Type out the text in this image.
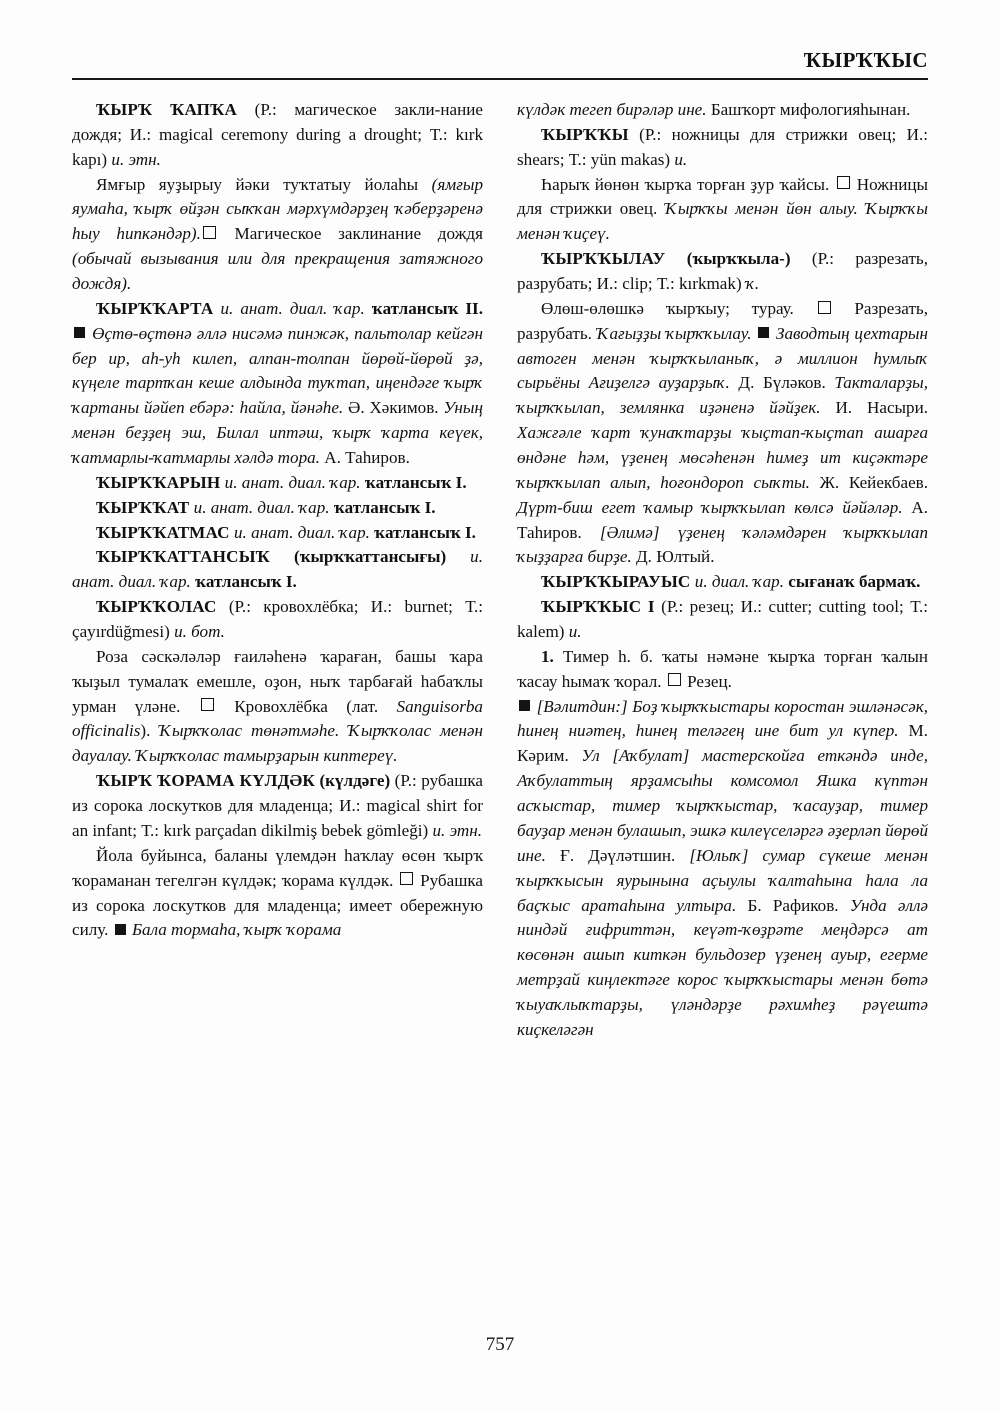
ҠЫРҠҠЫС

ҠЫРҠ ҠАПҠА (Р.: магическое закли-нание дождя; И.: magical ceremony during a drought; Т.: kırk kapı) и. этн.

Ямғыр яуҙырыу йәки туҡтатыу йолаһы (ямғыр яумаһа, ҡырҡ өйҙән сыҡҡан мәрхүмдәрҙең ҡәберҙәренә һыу һипкәндәр). Магическое заклинание дождя (обычай вызывания или для прекращения затяжного дождя).

ҠЫРҠҠАРТА и. анат. диал. ҡар. ҡатлансыҡ II.  Өҫтө-өҫтөнә әллә нисәмә пинжәк, пальтолар кейгән бер ир, аһ-уһ килеп, алпан-толпан йөрөй-йөрөй ҙә, күңеле тартҡан кеше алдында туҡтап, иңендәге ҡырҡ ҡартаны йәйеп ебәрә: һайла, йәнәһе. Ә. Хәкимов. Уның менән беҙҙең эш, Билал иптәш, ҡырҡ ҡарта кеүек, ҡатмарлы-ҡатмарлы хәлдә тора. А. Таһиров.

ҠЫРҠҠАРЫН и. анат. диал. ҡар. ҡатлансыҡ I.

ҠЫРҠҠАТ и. анат. диал. ҡар. ҡатлансыҡ I.

ҠЫРҠҠАТМАС и. анат. диал. ҡар. ҡатлансыҡ I.

ҠЫРҠҠАТТАНСЫҠ (ҡырҡҡаттансығы) и. анат. диал. ҡар. ҡатлансыҡ I.

ҠЫРҠҠОЛАС (Р.: кровохлёбка; И.: burnet; Т.: çayırdüğmesi) и. бот.

Роза сәскәләләр ғаиләһенә ҡараған, башы ҡара ҡыҙыл тумалаҡ емешле, оҙон, ныҡ тарбағай һабаҡлы урман үләне.  Кровохлёбка (лат. Sanguisorba officinalis). Ҡырҡҡолас төнәтмәһе. Ҡырҡҡолас менән дауалау. Ҡырҡҡолас тамырҙарын киптереү.

ҠЫРҠ ҠОРАМА КҮЛДӘК (күлдәге) (Р.: рубашка из сорока лоскутков для младенца; И.: magical shirt for an infant; Т.: kırk parçadan dikilmiş bebek gömleği) и. этн.

Йола буйынса, баланы үлемдән һаҡлау өсөн ҡырҡ ҡораманан тегелгән күлдәк; ҡорама күлдәк.  Рубашка из сорока лоскутков для младенца; имеет обережную силу.  Бала тормаһа, ҡырҡ ҡорама

күлдәк тегеп бирәләр ине. Башҡорт мифологияһынан.

ҠЫРҠҠЫ (Р.: ножницы для стрижки овец; И.: shears; Т.: yün makas) и.

Һарыҡ йөнөн ҡырҡа торған ҙур ҡайсы.  Ножницы для стрижки овец. Ҡырҡҡы менән йөн алыу. Ҡырҡҡы менән ҡиҫеү.

ҠЫРҠҠЫЛАУ (ҡырҡҡыла-) (Р.: разрезать, разрубать; И.: clip; Т.: kırkmak) ҡ.

Өлөш-өлөшкә ҡырҡыу; турау.  Разрезать, разрубать. Ҡағыҙҙы ҡырҡҡылау. Заводтың цехтарын автоген менән ҡырҡҡыланыҡ, ә миллион һумлыҡ сырьёны Ағиҙелгә ауҙарҙыҡ. Д. Бүләков. Такталарҙы, ҡырҡҡылап, землянка иҙәненә йәйҙек. И. Насыри. Хажғәле ҡарт ҡунаҡтарҙы ҡыҫтап-ҡыҫтап ашарға өндәне һәм, үҙенең мөсәһенән һимеҙ ит киҫәктәре ҡырҡҡылап алып, һоғондороп сыҡты. Ж. Кейекбаев. Дүрт-биш егет ҡамыр ҡырҡҡылап көлсә йәйәләр. А. Таһиров. [Әлимә] үҙенең ҡәләмдәрен ҡырҡҡылап ҡыҙҙарға бирҙе. Д. Юлтый.

ҠЫРҠҠЫРАУЫС и. диал. ҡар. сығанаҡ бармаҡ.

ҠЫРҠҠЫС I (Р.: резец; И.: cutter; cutting tool; Т.: kalem) и.

1. Тимер һ. б. ҡаты нәмәне ҡырҡа торған ҡалын ҡасау һымаҡ ҡорал.  Резец.

[Вәлитдин:] Боҙ ҡырҡҡыстары коростан эшләнәсәк, һинең ниәтең, һинең теләгең ине бит ул күпер. М. Кәрим. Ул [Аҡбулат] мастерскойға еткәндә инде, Аҡбулаттың ярҙамсыһы комсомол Яшка күптән асҡыстар, тимер ҡырҡҡыстар, ҡасауҙар, тимер бауҙар менән булашып, эшкә килеүселәргә әҙерләп йөрөй ине. Ғ. Дәүләтшин. [Юлыҡ] сумар сүкеше менән ҡырҡҡысын яурынына аҫыулы ҡалтаһына һала ла баҫҡыс аратаһына ултыра. Б. Рафиков. Унда әллә ниндәй ғифриттән, кеүәт-ҡөҙрәте меңдәрсә ат көсөнән ашып киткән бульдозер үҙенең ауыр, егерме метрҙай киңлектәге корос ҡырҡҡыстары менән бөтә ҡыуаҡлыҡтарҙы, үләндәрҙе рәхимһеҙ рәүештә киҫкеләгән

757
